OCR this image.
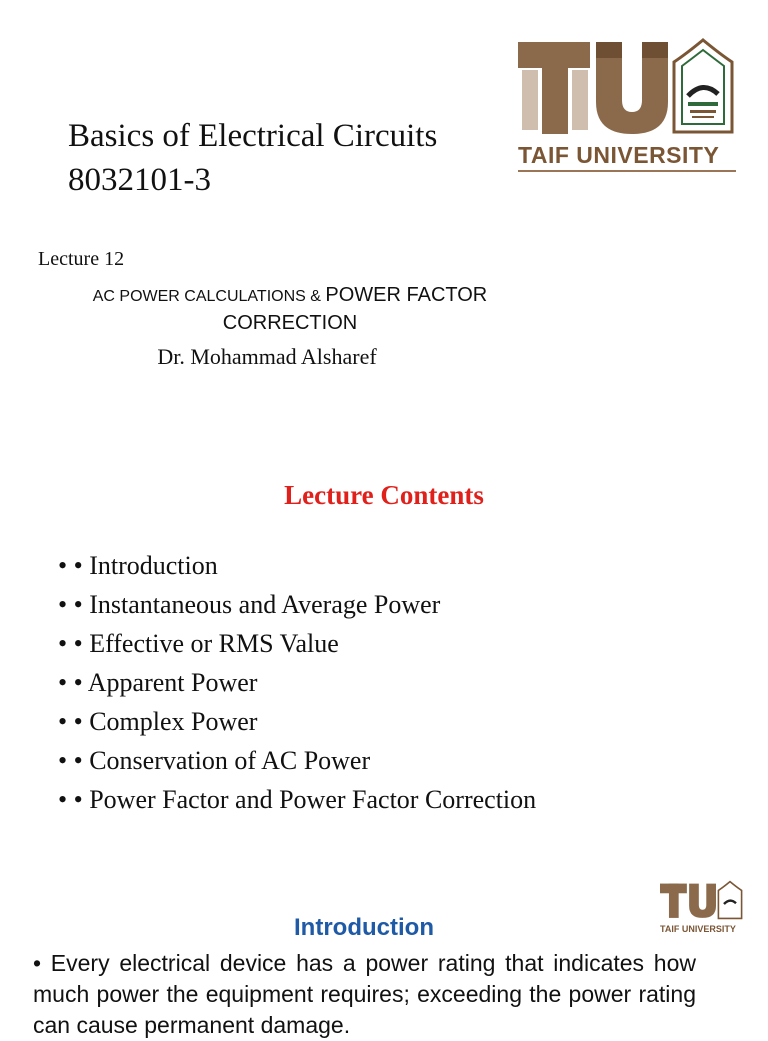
Basics of Electrical Circuits
8032101-3
TAIF UNIVERSITY
Lecture 12
AC POWER CALCULATIONS & POWER FACTOR
CORRECTION
Dr. Mohammad Alsharef
Lecture Contents
• • Introduction
• • Instantaneous and Average Power
• • Effective or RMS Value
• • Apparent Power
• • Complex Power
• • Conservation of AC Power
• • Power Factor and Power Factor Correction
TAIF UNIVERSITY
Introduction
• Every electrical device has a power rating that indicates how much power the equipment requires; exceeding the power rating can cause permanent damage.
